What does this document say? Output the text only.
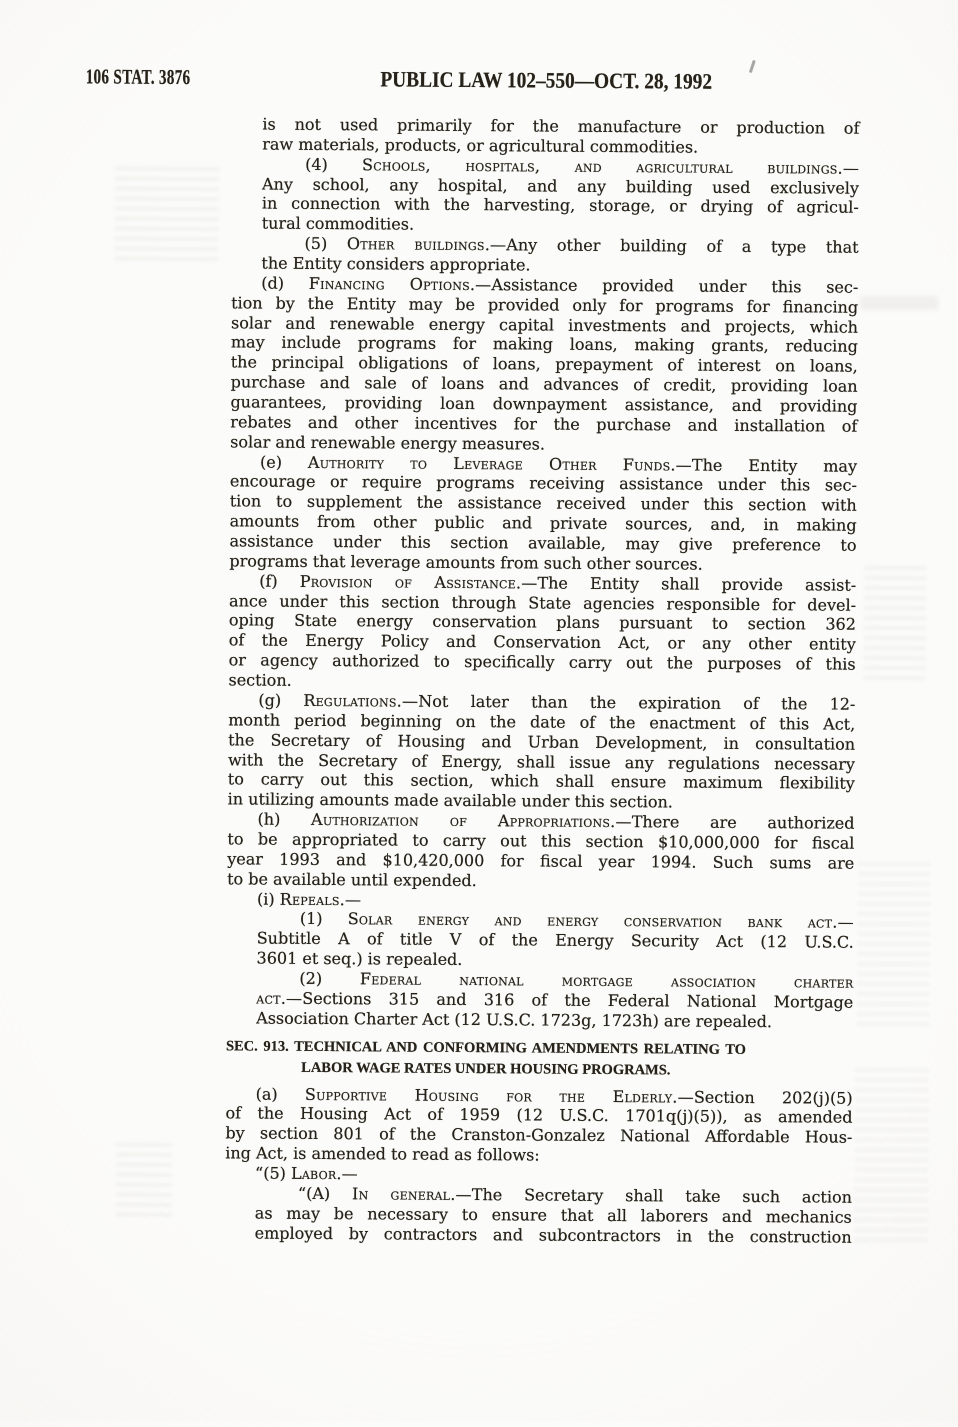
106 STAT. 3876	PUBLIC LAW 102–550—OCT. 28, 1992
is not used primarily for the manufacture or production of
raw materials, products, or agricultural commodities.
(4) Schools, hospitals, and agricultural buildings.—
Any school, any hospital, and any building used exclusively
in connection with the harvesting, storage, or drying of agricul-
tural commodities.
(5) Other buildings.—Any other building of a type that
the Entity considers appropriate.
(d) Financing Options.—Assistance provided under this sec-
tion by the Entity may be provided only for programs for financing
solar and renewable energy capital investments and projects, which
may include programs for making loans, making grants, reducing
the principal obligations of loans, prepayment of interest on loans,
purchase and sale of loans and advances of credit, providing loan
guarantees, providing loan downpayment assistance, and providing
rebates and other incentives for the purchase and installation of
solar and renewable energy measures.
(e) Authority to Leverage Other Funds.—The Entity may
encourage or require programs receiving assistance under this sec-
tion to supplement the assistance received under this section with
amounts from other public and private sources, and, in making
assistance under this section available, may give preference to
programs that leverage amounts from such other sources.
(f) Provision of Assistance.—The Entity shall provide assist-
ance under this section through State agencies responsible for devel-
oping State energy conservation plans pursuant to section 362
of the Energy Policy and Conservation Act, or any other entity
or agency authorized to specifically carry out the purposes of this
section.
(g) Regulations.—Not later than the expiration of the 12-
month period beginning on the date of the enactment of this Act,
the Secretary of Housing and Urban Development, in consultation
with the Secretary of Energy, shall issue any regulations necessary
to carry out this section, which shall ensure maximum flexibility
in utilizing amounts made available under this section.
(h) Authorization of Appropriations.—There are authorized
to be appropriated to carry out this section $10,000,000 for fiscal
year 1993 and $10,420,000 for fiscal year 1994. Such sums are
to be available until expended.
(i) Repeals.—
(1) Solar energy and energy conservation bank act.—
Subtitle A of title V of the Energy Security Act (12 U.S.C.
3601 et seq.) is repealed.
(2) Federal national mortgage association charter
act.—Sections 315 and 316 of the Federal National Mortgage
Association Charter Act (12 U.S.C. 1723g, 1723h) are repealed.
SEC. 913. TECHNICAL AND CONFORMING AMENDMENTS RELATING TO
LABOR WAGE RATES UNDER HOUSING PROGRAMS.
(a) Supportive Housing for the Elderly.—Section 202(j)(5)
of the Housing Act of 1959 (12 U.S.C. 1701q(j)(5)), as amended
by section 801 of the Cranston-Gonzalez National Affordable Hous-
ing Act, is amended to read as follows:
“(5) Labor.—
“(A) In general.—The Secretary shall take such action
as may be necessary to ensure that all laborers and mechanics
employed by contractors and subcontractors in the construction
